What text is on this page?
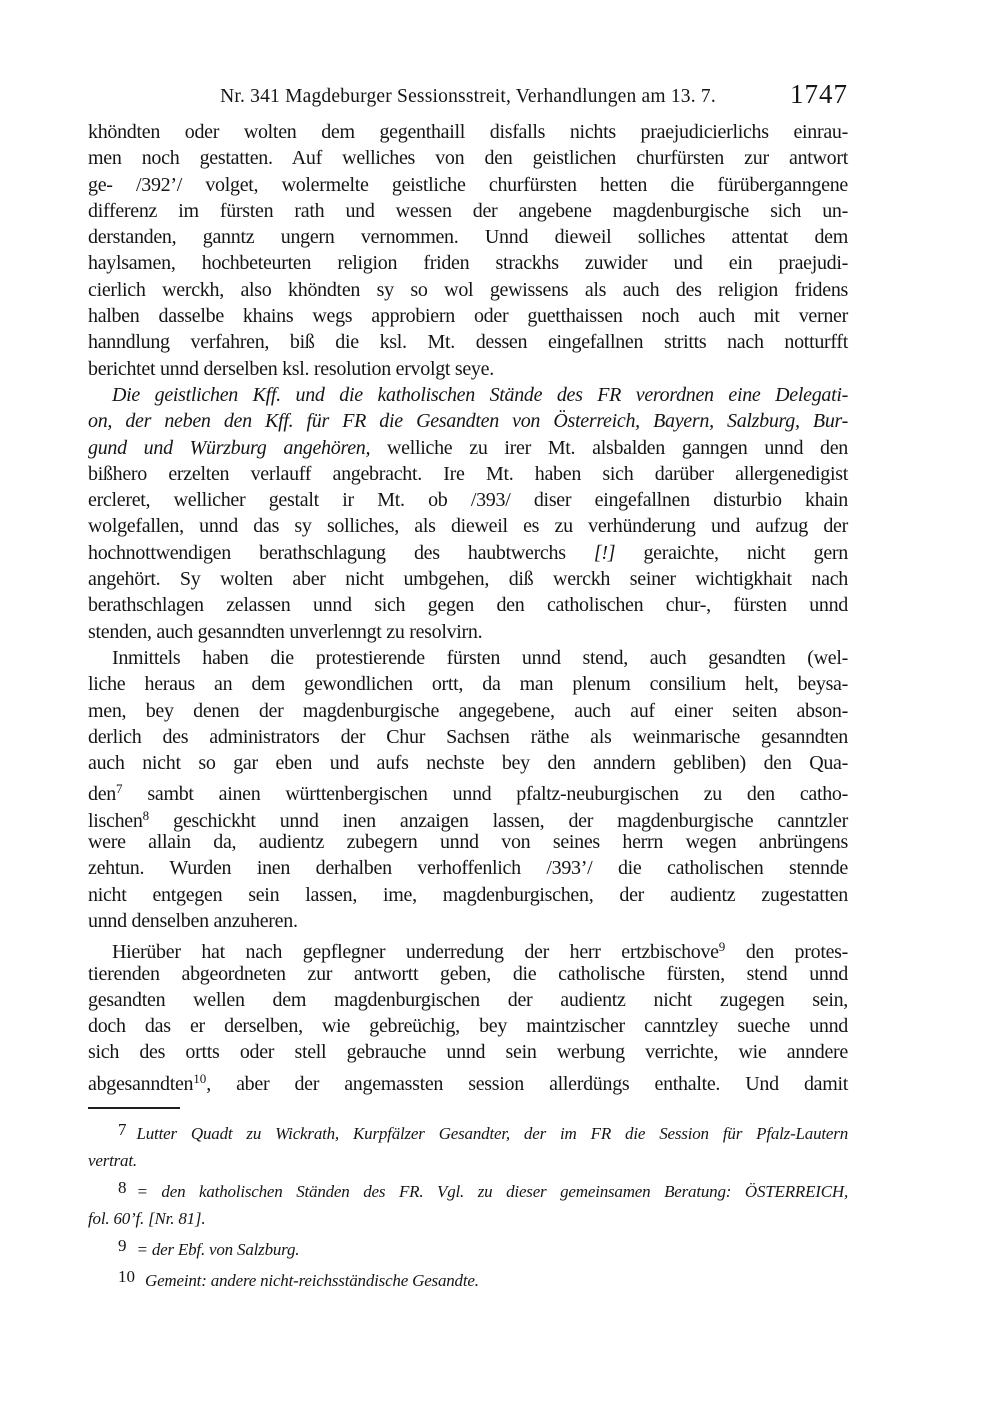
Nr. 341 Magdeburger Sessionsstreit, Verhandlungen am 13. 7.	1747
khöndten oder wolten dem gegenthaill disfalls nichts praejudicierlichs einrau-
men noch gestatten. Auf welliches von den geistlichen churfürsten zur antwort
ge- /392’/ volget, wolermelte geistliche churfürsten hetten die fürüberganngene
differenz im fürsten rath und wessen der angebene magdenburgische sich un-
derstanden, ganntz ungern vernommen. Unnd dieweil solliches attentat dem
haylsamen, hochbeteurten religion friden strackhs zuwider und ein praejudi-
cierlich werckh, also khöndten sy so wol gewissens als auch des religion fridens
halben dasselbe khains wegs approbiern oder guetthaissen noch auch mit verner
hanndlung verfahren, biß die ksl. Mt. dessen eingefallnen stritts nach notturfft
berichtet unnd derselben ksl. resolution ervolgt seye.
Die geistlichen Kff. und die katholischen Stände des FR verordnen eine Delegati-
on, der neben den Kff. für FR die Gesandten von Österreich, Bayern, Salzburg, Bur-
gund und Würzburg angehören, welliche zu irer Mt. alsbalden ganngen unnd den
bißhero erzelten verlauff angebracht. Ire Mt. haben sich darüber allergenedigist
ercleret, wellicher gestalt ir Mt. ob /393/ diser eingefallnen disturbio khain
wolgefallen, unnd das sy solliches, als dieweil es zu verhünderung und aufzug der
hochnottwendigen berathschlagung des haubtwerchs [!] geraichte, nicht gern
angehört. Sy wolten aber nicht umbgehen, diß werckh seiner wichtigkhait nach
berathschlagen zelassen unnd sich gegen den catholischen chur-, fürsten unnd
stenden, auch gesanndten unverlenngt zu resolvirn.
Inmittels haben die protestierende fürsten unnd stend, auch gesandten (wel-
liche heraus an dem gewondlichen ortt, da man plenum consilium helt, beysa-
men, bey denen der magdenburgische angegebene, auch auf einer seiten abson-
derlich des administrators der Chur Sachsen räthe als weinmarische gesanndten
auch nicht so gar eben und aufs nechste bey den anndern gebliben) den Qua-
den$^7$ sambt ainen württenbergischen unnd pfaltz-neuburgischen zu den catho-
lischen$^8$ geschickht unnd inen anzaigen lassen, der magdenburgische canntzler
were allain da, audientz zubegern unnd von seines herrn wegen anbrüngens
zehtun. Wurden inen derhalben verhoffenlich /393’/ die catholischen stennde
nicht entgegen sein lassen, ime, magdenburgischen, der audientz zugestatten
unnd denselben anzuheren.
Hierüber hat nach gepflegner underredung der herr ertzbischove$^9$ den protes-
tierenden abgeordneten zur antwortt geben, die catholische fürsten, stend unnd
gesandten wellen dem magdenburgischen der audientz nicht zugegen sein,
doch das er derselben, wie gebreüchig, bey maintzischer canntzley sueche unnd
sich des ortts oder stell gebrauche unnd sein werbung verrichte, wie anndere
abgesanndten$^{10}$, aber der angemassten session allerdüngs enthalte. Und damit
7 Lutter Quadt zu Wickrath, Kurpfälzer Gesandter, der im FR die Session für Pfalz-Lautern
vertrat.
8 = den katholischen Ständen des FR. Vgl. zu dieser gemeinsamen Beratung: ÖSTERREICH,
fol. 60’f. [Nr. 81].
9 = der Ebf. von Salzburg.
10 Gemeint: andere nicht-reichsständische Gesandte.
